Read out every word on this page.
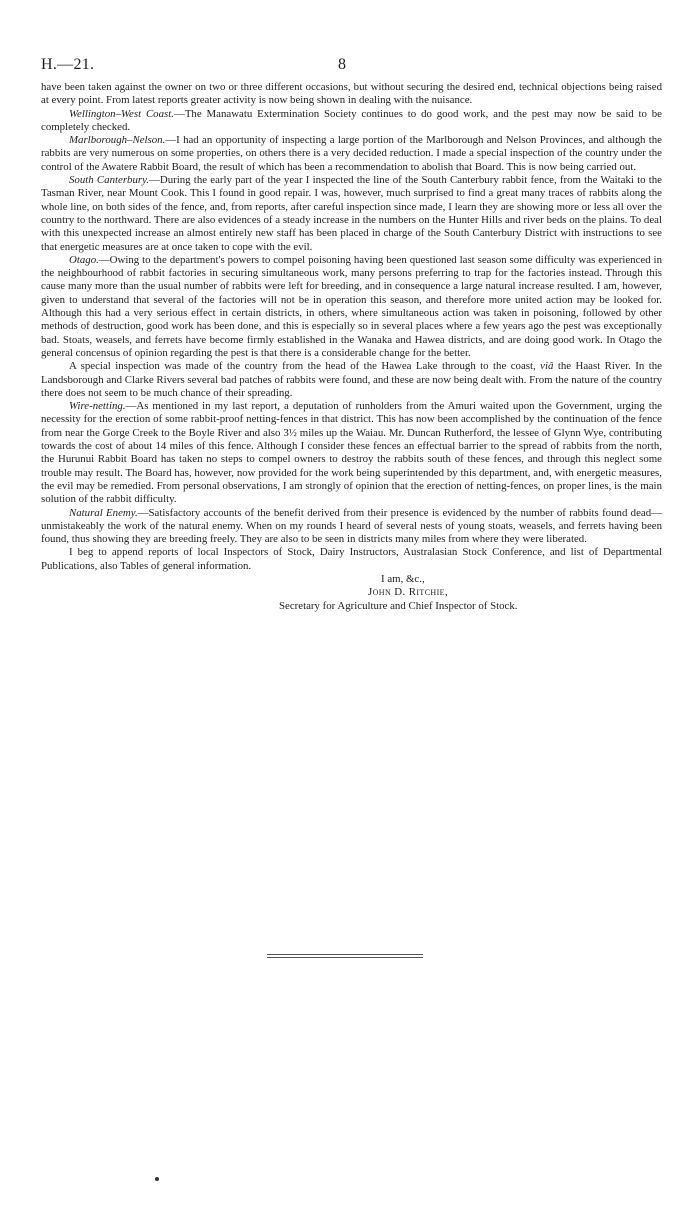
H.—21.	8

have been taken against the owner on two or three different occasions, but without securing the desired end, technical objections being raised at every point. From latest reports greater activity is now being shown in dealing with the nuisance.

Wellington–West Coast.—The Manawatu Extermination Society continues to do good work, and the pest may now be said to be completely checked.

Marlborough–Nelson.—I had an opportunity of inspecting a large portion of the Marlborough and Nelson Provinces, and although the rabbits are very numerous on some properties, on others there is a very decided reduction. I made a special inspection of the country under the control of the Awatere Rabbit Board, the result of which has been a recommendation to abolish that Board. This is now being carried out.

South Canterbury.—During the early part of the year I inspected the line of the South Canterbury rabbit fence, from the Waitaki to the Tasman River, near Mount Cook. This I found in good repair. I was, however, much surprised to find a great many traces of rabbits along the whole line, on both sides of the fence, and, from reports, after careful inspection since made, I learn they are showing more or less all over the country to the northward. There are also evidences of a steady increase in the numbers on the Hunter Hills and river beds on the plains. To deal with this unexpected increase an almost entirely new staff has been placed in charge of the South Canterbury District with instructions to see that energetic measures are at once taken to cope with the evil.

Otago.—Owing to the department's powers to compel poisoning having been questioned last season some difficulty was experienced in the neighbourhood of rabbit factories in securing simultaneous work, many persons preferring to trap for the factories instead. Through this cause many more than the usual number of rabbits were left for breeding, and in consequence a large natural increase resulted. I am, however, given to understand that several of the factories will not be in operation this season, and therefore more united action may be looked for. Although this had a very serious effect in certain districts, in others, where simultaneous action was taken in poisoning, followed by other methods of destruction, good work has been done, and this is especially so in several places where a few years ago the pest was exceptionally bad. Stoats, weasels, and ferrets have become firmly established in the Wanaka and Hawea districts, and are doing good work. In Otago the general concensus of opinion regarding the pest is that there is a considerable change for the better.

A special inspection was made of the country from the head of the Hawea Lake through to the coast, viâ the Haast River. In the Landsborough and Clarke Rivers several bad patches of rabbits were found, and these are now being dealt with. From the nature of the country there does not seem to be much chance of their spreading.

Wire-netting.—As mentioned in my last report, a deputation of runholders from the Amuri waited upon the Government, urging the necessity for the erection of some rabbit-proof netting-fences in that district. This has now been accomplished by the continuation of the fence from near the Gorge Creek to the Boyle River and also 3½ miles up the Waiau. Mr. Duncan Rutherford, the lessee of Glynn Wye, contributing towards the cost of about 14 miles of this fence. Although I consider these fences an effectual barrier to the spread of rabbits from the north, the Hurunui Rabbit Board has taken no steps to compel owners to destroy the rabbits south of these fences, and through this neglect some trouble may result. The Board has, however, now provided for the work being superintended by this department, and, with energetic measures, the evil may be remedied. From personal observations, I am strongly of opinion that the erection of netting-fences, on proper lines, is the main solution of the rabbit difficulty.

Natural Enemy.—Satisfactory accounts of the benefit derived from their presence is evidenced by the number of rabbits found dead—unmistakeably the work of the natural enemy. When on my rounds I heard of several nests of young stoats, weasels, and ferrets having been found, thus showing they are breeding freely. They are also to be seen in districts many miles from where they were liberated.

I beg to append reports of local Inspectors of Stock, Dairy Instructors, Australasian Stock Conference, and list of Departmental Publications, also Tables of general information.

I am, &c.,
John D. Ritchie,
Secretary for Agriculture and Chief Inspector of Stock.
